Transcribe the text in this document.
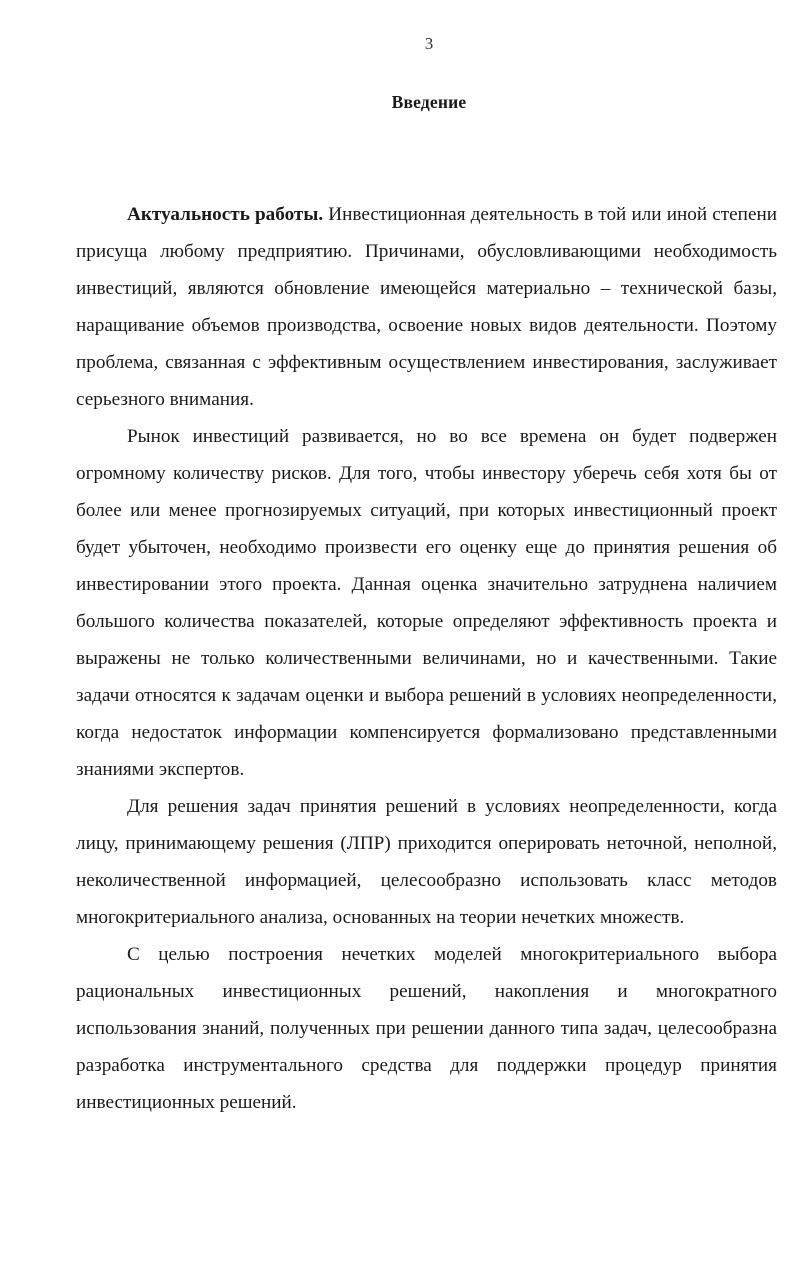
3
Введение

Актуальность работы. Инвестиционная деятельность в той или иной степени присуща любому предприятию. Причинами, обусловливающими необходимость инвестиций, являются обновление имеющейся материально – технической базы, наращивание объемов производства, освоение новых видов деятельности. Поэтому проблема, связанная с эффективным осуществлением инвестирования, заслуживает серьезного внимания.

Рынок инвестиций развивается, но во все времена он будет подвержен огромному количеству рисков. Для того, чтобы инвестору уберечь себя хотя бы от более или менее прогнозируемых ситуаций, при которых инвестиционный проект будет убыточен, необходимо произвести его оценку еще до принятия решения об инвестировании этого проекта. Данная оценка значительно затруднена наличием большого количества показателей, которые определяют эффективность проекта и выражены не только количественными величинами, но и качественными. Такие задачи относятся к задачам оценки и выбора решений в условиях неопределенности, когда недостаток информации компенсируется формализовано представленными знаниями экспертов.

Для решения задач принятия решений в условиях неопределенности, когда лицу, принимающему решения (ЛПР) приходится оперировать неточной, неполной, неколичественной информацией, целесообразно использовать класс методов многокритериального анализа, основанных на теории нечетких множеств.

С целью построения нечетких моделей многокритериального выбора рациональных инвестиционных решений, накопления и многократного использования знаний, полученных при решении данного типа задач, целесообразна разработка инструментального средства для поддержки процедур принятия инвестиционных решений.
